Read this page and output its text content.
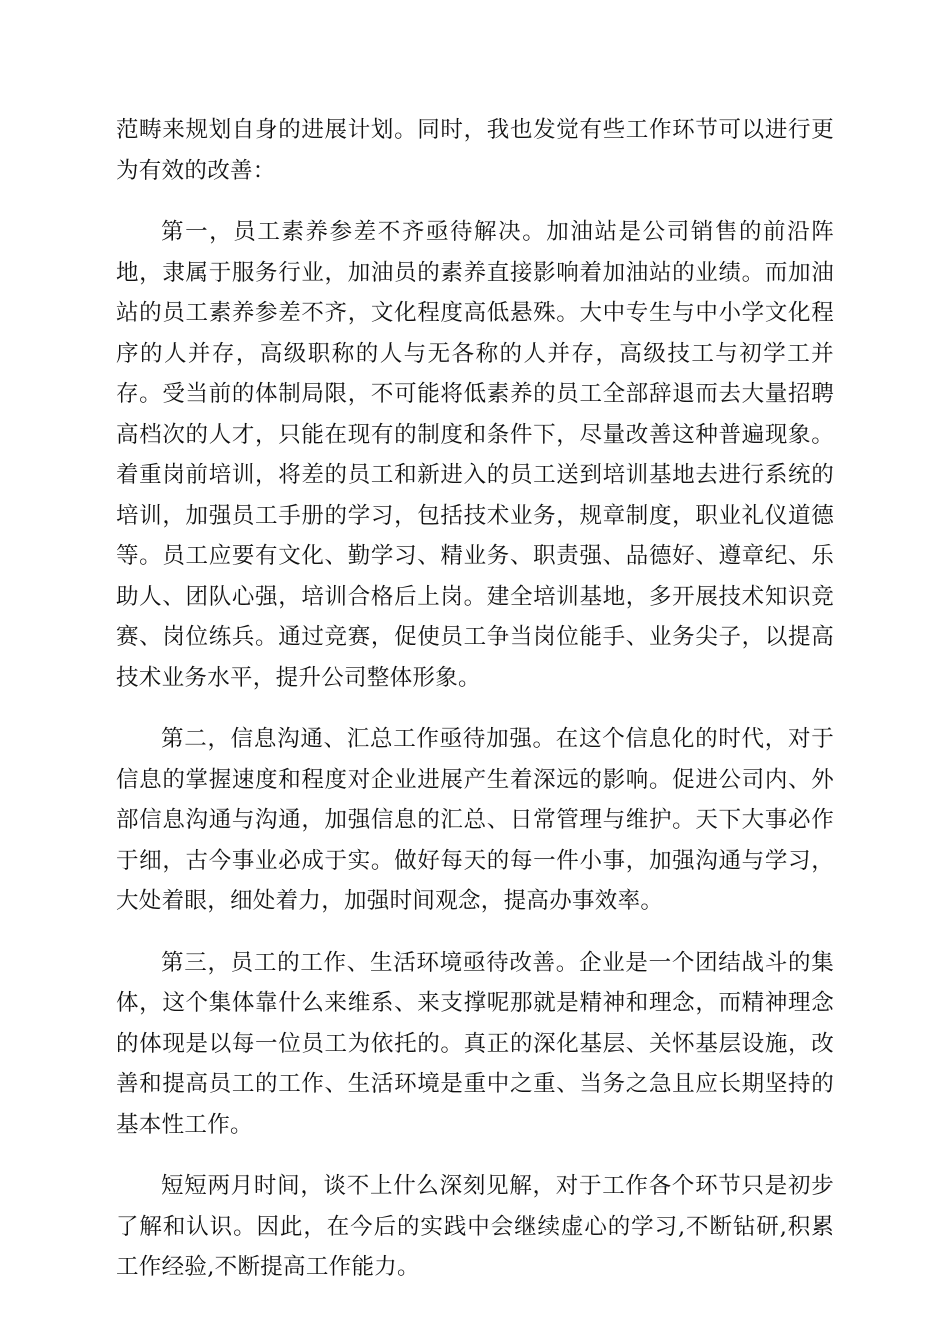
范畴来规划自身的进展计划。同时，我也发觉有些工作环节可以进行更为有效的改善：

第一，员工素养参差不齐亟待解决。加油站是公司销售的前沿阵地，隶属于服务行业，加油员的素养直接影响着加油站的业绩。而加油站的员工素养参差不齐，文化程度高低悬殊。大中专生与中小学文化程序的人并存，高级职称的人与无各称的人并存，高级技工与初学工并存。受当前的体制局限，不可能将低素养的员工全部辞退而去大量招聘高档次的人才，只能在现有的制度和条件下，尽量改善这种普遍现象。着重岗前培训，将差的员工和新进入的员工送到培训基地去进行系统的培训，加强员工手册的学习，包括技术业务，规章制度，职业礼仪道德等。员工应要有文化、勤学习、精业务、职责强、品德好、遵章纪、乐助人、团队心强，培训合格后上岗。建全培训基地，多开展技术知识竞赛、岗位练兵。通过竞赛，促使员工争当岗位能手、业务尖子，以提高技术业务水平，提升公司整体形象。

第二，信息沟通、汇总工作亟待加强。在这个信息化的时代，对于信息的掌握速度和程度对企业进展产生着深远的影响。促进公司内、外部信息沟通与沟通，加强信息的汇总、日常管理与维护。天下大事必作于细，古今事业必成于实。做好每天的每一件小事，加强沟通与学习，大处着眼，细处着力，加强时间观念，提高办事效率。

第三，员工的工作、生活环境亟待改善。企业是一个团结战斗的集体，这个集体靠什么来维系、来支撑呢那就是精神和理念，而精神理念的体现是以每一位员工为依托的。真正的深化基层、关怀基层设施，改善和提高员工的工作、生活环境是重中之重、当务之急且应长期坚持的基本性工作。

短短两月时间，谈不上什么深刻见解，对于工作各个环节只是初步了解和认识。因此，在今后的实践中会继续虚心的学习,不断钻研,积累工作经验,不断提高工作能力。
